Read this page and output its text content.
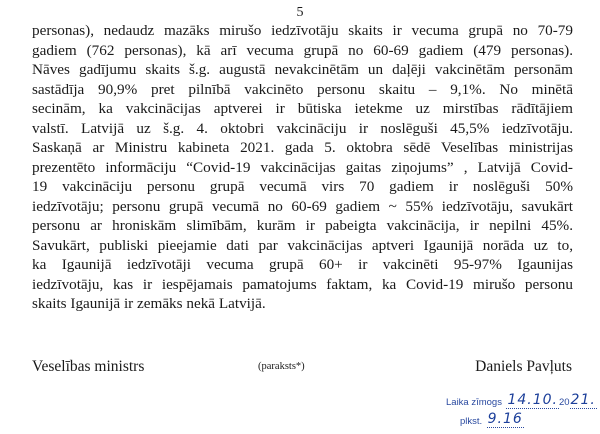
5
personas), nedaudz mazāks mirušo iedzīvotāju skaits ir vecuma grupā no 70-79
gadiem (762 personas), kā arī vecuma grupā no 60-69 gadiem (479 personas).
Nāves gadījumu skaits š.g. augustā nevakcinētām un daļēji vakcinētām personām
sastādīja 90,9% pret pilnībā vakcinēto personu skaitu – 9,1%. No minētā
secinām, ka vakcinācijas aptverei ir būtiska ietekme uz mirstības rādītājiem
valstī. Latvijā uz š.g. 4. oktobri vakcināciju ir noslēguši 45,5% iedzīvotāju.
Saskaņā ar Ministru kabineta 2021. gada 5. oktobra sēdē Veselības ministrijas
prezentēto informāciju “Covid-19 vakcinācijas gaitas ziņojums” , Latvijā Covid-
19 vakcināciju personu grupā vecumā virs 70 gadiem ir noslēguši 50%
iedzīvotāju; personu grupā vecumā no 60-69 gadiem ~ 55% iedzīvotāju, savukārt
personu ar hroniskām slimībām, kurām ir pabeigta vakcinācija, ir nepilni 45%.
Savukārt, publiski pieejamie dati par vakcinācijas aptveri Igaunijā norāda uz to,
ka Igaunijā iedzīvotāji vecuma grupā 60+ ir vakcinēti 95-97% Igaunijas
iedzīvotāju, kas ir iespējamais pamatojums faktam, ka Covid-19 mirušo personu
skaits Igaunijā ir zemāks nekā Latvijā.
Veselības ministrs	(paraksts*)	Daniels Pavļuts
Laika zīmogs 14.10.2021.
plkst. 9.16
